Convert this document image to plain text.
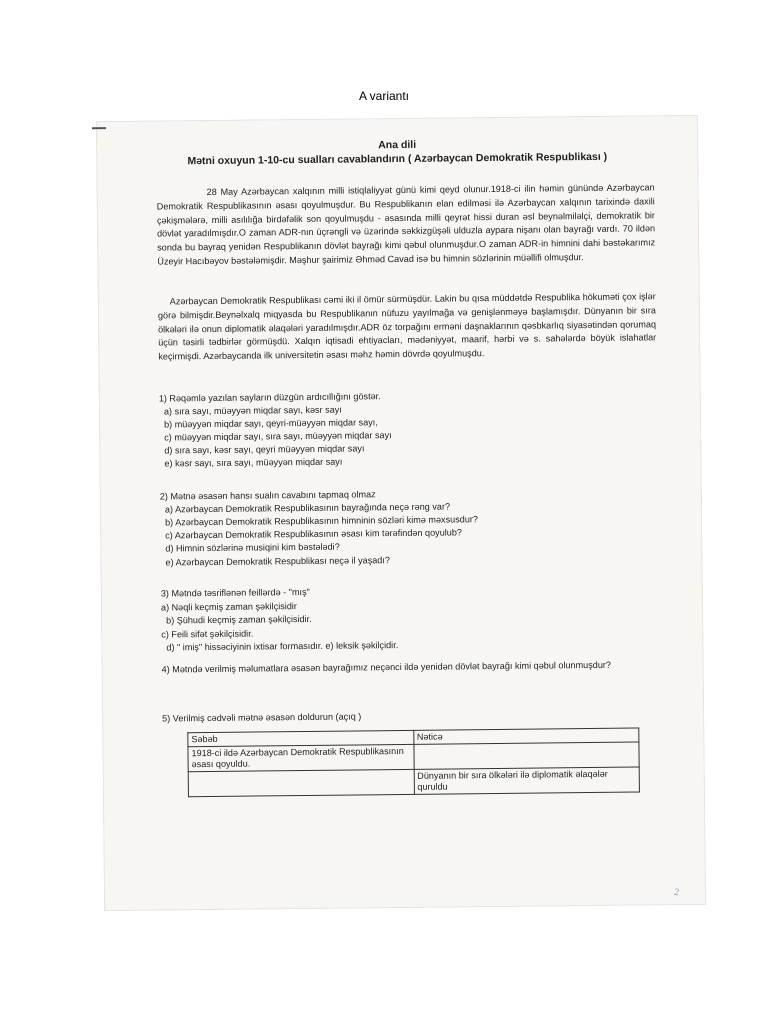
A variantı
Ana dili
Mətni oxuyun 1-10-cu sualları cavablandırın ( Azərbaycan Demokratik Respublikası )
28 May Azərbaycan xalqının milli istiqlaliyyət günü kimi qeyd olunur.1918-ci ilin həmin günündə Azərbaycan Demokratik Respublikasının əsası qoyulmuşdur. Bu Respublikanın elan edilməsi ilə Azərbaycan xalqının tarixində daxili çəkişmələrə, milli asılılığa birdəfəlik son qoyulmuşdu - əsasında milli qeyrət hissi duran əsl beynəlmiləlçi, demokratik bir dövlət yaradılmışdır.O zaman ADR-nın üçrəngli və üzərində səkkizgüşəli ulduzla aypara nişanı olan bayrağı vardı. 70 ildən sonda bu bayraq yenidən Respublikanın dövlət bayrağı kimi qəbul olunmuşdur.O zaman ADR-in himnini dahi bəstəkarımız Üzeyir Hacıbəyov bəstələmişdir. Məşhur şairimiz Əhməd Cavad isə bu himnin sözlərinin müəllifi olmuşdur.
Azərbaycan Demokratik Respublikası cəmi iki il ömür sürmüşdür. Lakin bu qısa müddətdə Respublika hökuməti çox işlər görə bilmişdir.Beynəlxalq miqyasda bu Respublikanın nüfuzu yayılmağa və genişlənməyə başlamışdır. Dünyanın bir sıra ölkələri ilə onun diplomatik əlaqələri yaradılmışdır.ADR öz torpağını erməni daşnaklarının qəsbkarlıq siyasətindən qorumaq üçün təsirli tədbirlər görmüşdü. Xalqın iqtisadi ehtiyacları, mədəniyyət, maarif, hərbi və s. sahələrdə böyük islahatlar keçirmişdi. Azərbaycanda ilk universitetin əsası məhz həmin dövrdə qoyulmuşdu.
1) Rəqəmlə yazılan sayların düzgün ardıcıllığını göstər.
a) sıra sayı, müəyyən miqdar sayı, kəsr sayı
b) müəyyən miqdar sayı, qeyri-müəyyən miqdar sayı,
c) müəyyən miqdar sayı, sıra sayı, müəyyən miqdar sayı
d) sıra sayı, kəsr sayı, qeyri müəyyən miqdar sayı
e) kəsr sayı, sıra sayı, müəyyən miqdar sayı
2) Mətnə əsasən hansı sualın cavabını tapmaq olmaz
a) Azərbaycan Demokratik Respublikasının bayrağında neçə rəng var?
b) Azərbaycan Demokratik Respublikasının himninin sözləri kimə məxsusdur?
c) Azərbaycan Demokratik Respublikasının əsası kim tərəfindən qoyulub?
d) Himnin sözlərinə musiqini kim bəstələdi?
e) Azərbaycan Demokratik Respublikası neçə il yaşadı?
3) Mətndə təsriflənən feillərdə - "mış"
a) Nəqli keçmiş zaman şəkilçisidir
b) Şühudi keçmiş zaman şəkilçisidir.
c) Feili sifət şəkilçisidir.
d) " imiş" hissəciyinin ixtisar formasıdır. e) leksik şəkilçidir.
4) Mətndə verilmiş məlumatlara əsasən bayrağımız neçənci ildə yenidən dövlət bayrağı kimi qəbul olunmuşdur?
5) Verilmiş cədvəli mətnə əsasən doldurun (açıq )
Səbəb	Nəticə
1918-ci ildə Azərbaycan Demokratik Respublikasının əsası qoyuldu.	
	Dünyanın bir sıra ölkələri ilə diplomatik əlaqələr quruldu
2
